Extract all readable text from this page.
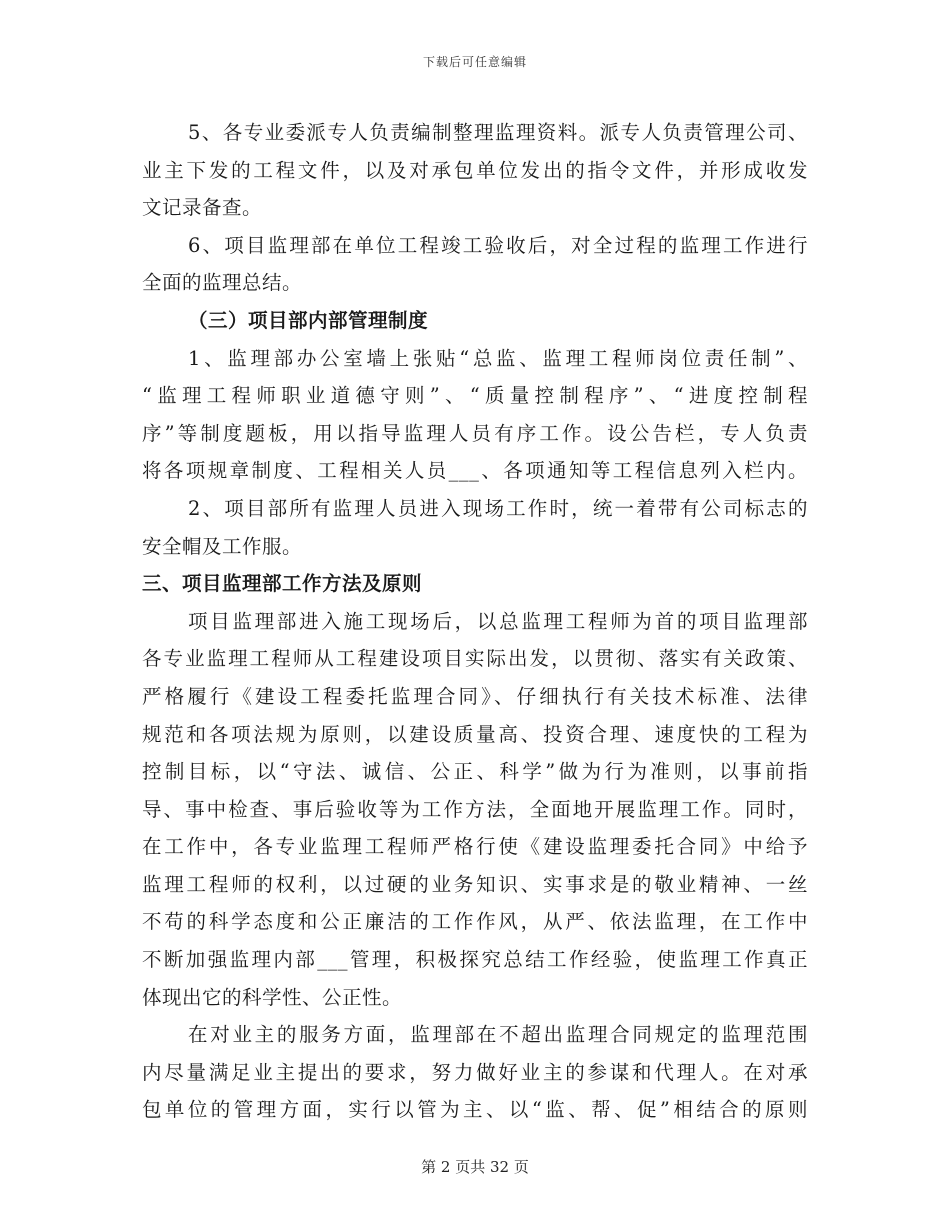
下载后可任意编辑
5、各专业委派专人负责编制整理监理资料。派专人负责管理公司、
业主下发的工程文件，以及对承包单位发出的指令文件，并形成收发
文记录备查。
6、项目监理部在单位工程竣工验收后，对全过程的监理工作进行
全面的监理总结。
（三）项目部内部管理制度
1、监理部办公室墙上张贴“总监、监理工程师岗位责任制”、
“监理工程师职业道德守则”、“质量控制程序”、“进度控制程
序”等制度题板，用以指导监理人员有序工作。设公告栏，专人负责
将各项规章制度、工程相关人员___、各项通知等工程信息列入栏内。
2、项目部所有监理人员进入现场工作时，统一着带有公司标志的
安全帽及工作服。
三、项目监理部工作方法及原则
项目监理部进入施工现场后，以总监理工程师为首的项目监理部
各专业监理工程师从工程建设项目实际出发，以贯彻、落实有关政策、
严格履行《建设工程委托监理合同》、仔细执行有关技术标准、法律
规范和各项法规为原则，以建设质量高、投资合理、速度快的工程为
控制目标，以“守法、诚信、公正、科学”做为行为准则，以事前指
导、事中检查、事后验收等为工作方法，全面地开展监理工作。同时，
在工作中，各专业监理工程师严格行使《建设监理委托合同》中给予
监理工程师的权利，以过硬的业务知识、实事求是的敬业精神、一丝
不苟的科学态度和公正廉洁的工作作风，从严、依法监理，在工作中
不断加强监理内部___管理，积极探究总结工作经验，使监理工作真正
体现出它的科学性、公正性。
在对业主的服务方面，监理部在不超出监理合同规定的监理范围
内尽量满足业主提出的要求，努力做好业主的参谋和代理人。在对承
包单位的管理方面，实行以管为主、以“监、帮、促”相结合的原则
第 2 页共 32 页
